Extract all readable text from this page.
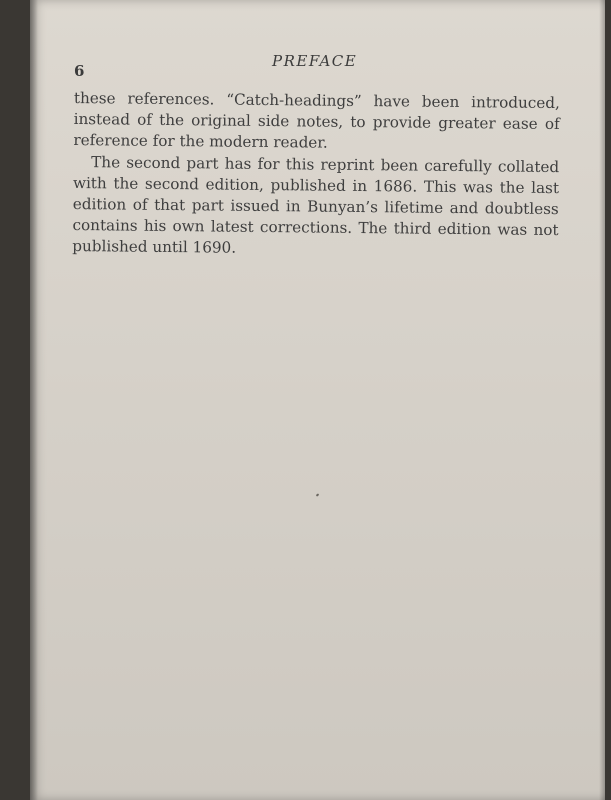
6
PREFACE

these references. “Catch-headings” have been introduced, instead of the original side notes, to provide greater ease of reference for the modern reader.

The second part has for this reprint been carefully collated with the second edition, published in 1686. This was the last edition of that part issued in Bunyan’s lifetime and doubtless contains his own latest corrections. The third edition was not published until 1690.
